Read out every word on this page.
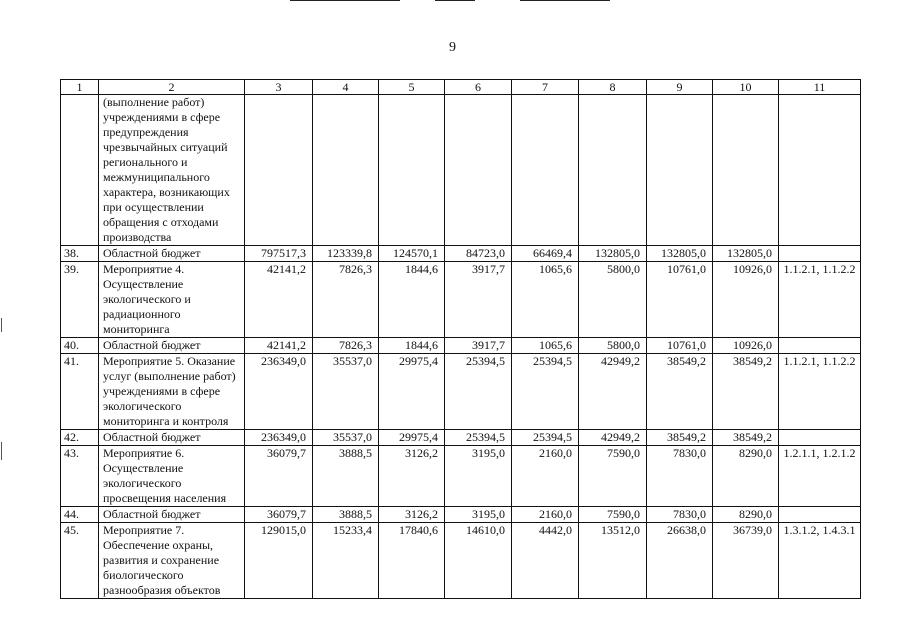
9
1	2	3	4	5	6	7	8	9	10	11
	(выполнение работ) учреждениями в сфере предупреждения чрезвычайных ситуаций регионального и межмуниципального характера, возникающих при осуществлении обращения с отходами производства									
38.	Областной бюджет	797517,3	123339,8	124570,1	84723,0	66469,4	132805,0	132805,0	132805,0	
39.	Мероприятие 4. Осуществление экологического и радиационного мониторинга	42141,2	7826,3	1844,6	3917,7	1065,6	5800,0	10761,0	10926,0	1.1.2.1, 1.1.2.2
40.	Областной бюджет	42141,2	7826,3	1844,6	3917,7	1065,6	5800,0	10761,0	10926,0	
41.	Мероприятие 5. Оказание услуг (выполнение работ) учреждениями в сфере экологического мониторинга и контроля	236349,0	35537,0	29975,4	25394,5	25394,5	42949,2	38549,2	38549,2	1.1.2.1, 1.1.2.2
42.	Областной бюджет	236349,0	35537,0	29975,4	25394,5	25394,5	42949,2	38549,2	38549,2	
43.	Мероприятие 6. Осуществление экологического просвещения населения	36079,7	3888,5	3126,2	3195,0	2160,0	7590,0	7830,0	8290,0	1.2.1.1, 1.2.1.2
44.	Областной бюджет	36079,7	3888,5	3126,2	3195,0	2160,0	7590,0	7830,0	8290,0	
45.	Мероприятие 7. Обеспечение охраны, развития и сохранение биологического разнообразия объектов	129015,0	15233,4	17840,6	14610,0	4442,0	13512,0	26638,0	36739,0	1.3.1.2, 1.4.3.1
